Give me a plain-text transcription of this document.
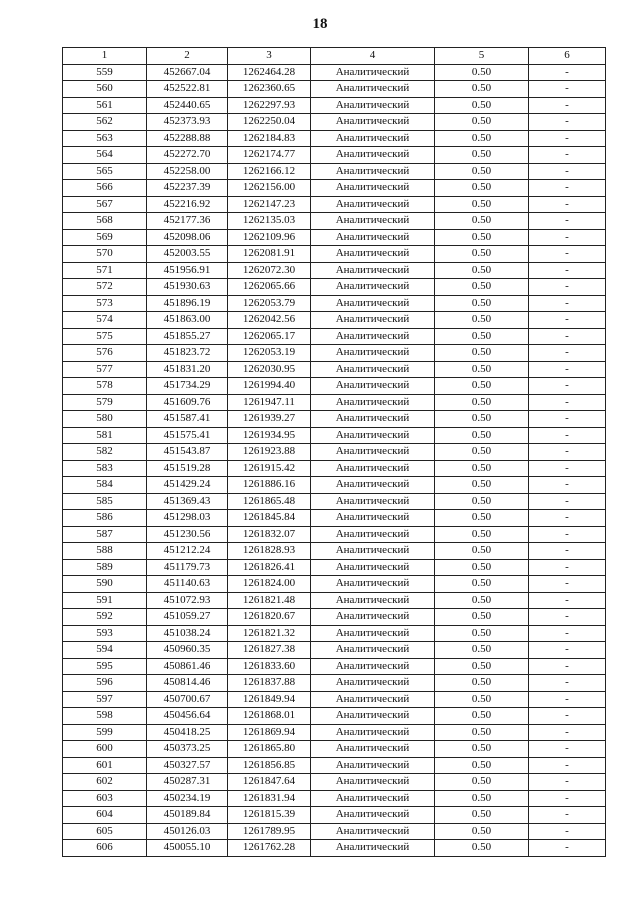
18
1	2	3	4	5	6
559	452667.04	1262464.28	Аналитический	0.50	-
560	452522.81	1262360.65	Аналитический	0.50	-
561	452440.65	1262297.93	Аналитический	0.50	-
562	452373.93	1262250.04	Аналитический	0.50	-
563	452288.88	1262184.83	Аналитический	0.50	-
564	452272.70	1262174.77	Аналитический	0.50	-
565	452258.00	1262166.12	Аналитический	0.50	-
566	452237.39	1262156.00	Аналитический	0.50	-
567	452216.92	1262147.23	Аналитический	0.50	-
568	452177.36	1262135.03	Аналитический	0.50	-
569	452098.06	1262109.96	Аналитический	0.50	-
570	452003.55	1262081.91	Аналитический	0.50	-
571	451956.91	1262072.30	Аналитический	0.50	-
572	451930.63	1262065.66	Аналитический	0.50	-
573	451896.19	1262053.79	Аналитический	0.50	-
574	451863.00	1262042.56	Аналитический	0.50	-
575	451855.27	1262065.17	Аналитический	0.50	-
576	451823.72	1262053.19	Аналитический	0.50	-
577	451831.20	1262030.95	Аналитический	0.50	-
578	451734.29	1261994.40	Аналитический	0.50	-
579	451609.76	1261947.11	Аналитический	0.50	-
580	451587.41	1261939.27	Аналитический	0.50	-
581	451575.41	1261934.95	Аналитический	0.50	-
582	451543.87	1261923.88	Аналитический	0.50	-
583	451519.28	1261915.42	Аналитический	0.50	-
584	451429.24	1261886.16	Аналитический	0.50	-
585	451369.43	1261865.48	Аналитический	0.50	-
586	451298.03	1261845.84	Аналитический	0.50	-
587	451230.56	1261832.07	Аналитический	0.50	-
588	451212.24	1261828.93	Аналитический	0.50	-
589	451179.73	1261826.41	Аналитический	0.50	-
590	451140.63	1261824.00	Аналитический	0.50	-
591	451072.93	1261821.48	Аналитический	0.50	-
592	451059.27	1261820.67	Аналитический	0.50	-
593	451038.24	1261821.32	Аналитический	0.50	-
594	450960.35	1261827.38	Аналитический	0.50	-
595	450861.46	1261833.60	Аналитический	0.50	-
596	450814.46	1261837.88	Аналитический	0.50	-
597	450700.67	1261849.94	Аналитический	0.50	-
598	450456.64	1261868.01	Аналитический	0.50	-
599	450418.25	1261869.94	Аналитический	0.50	-
600	450373.25	1261865.80	Аналитический	0.50	-
601	450327.57	1261856.85	Аналитический	0.50	-
602	450287.31	1261847.64	Аналитический	0.50	-
603	450234.19	1261831.94	Аналитический	0.50	-
604	450189.84	1261815.39	Аналитический	0.50	-
605	450126.03	1261789.95	Аналитический	0.50	-
606	450055.10	1261762.28	Аналитический	0.50	-
